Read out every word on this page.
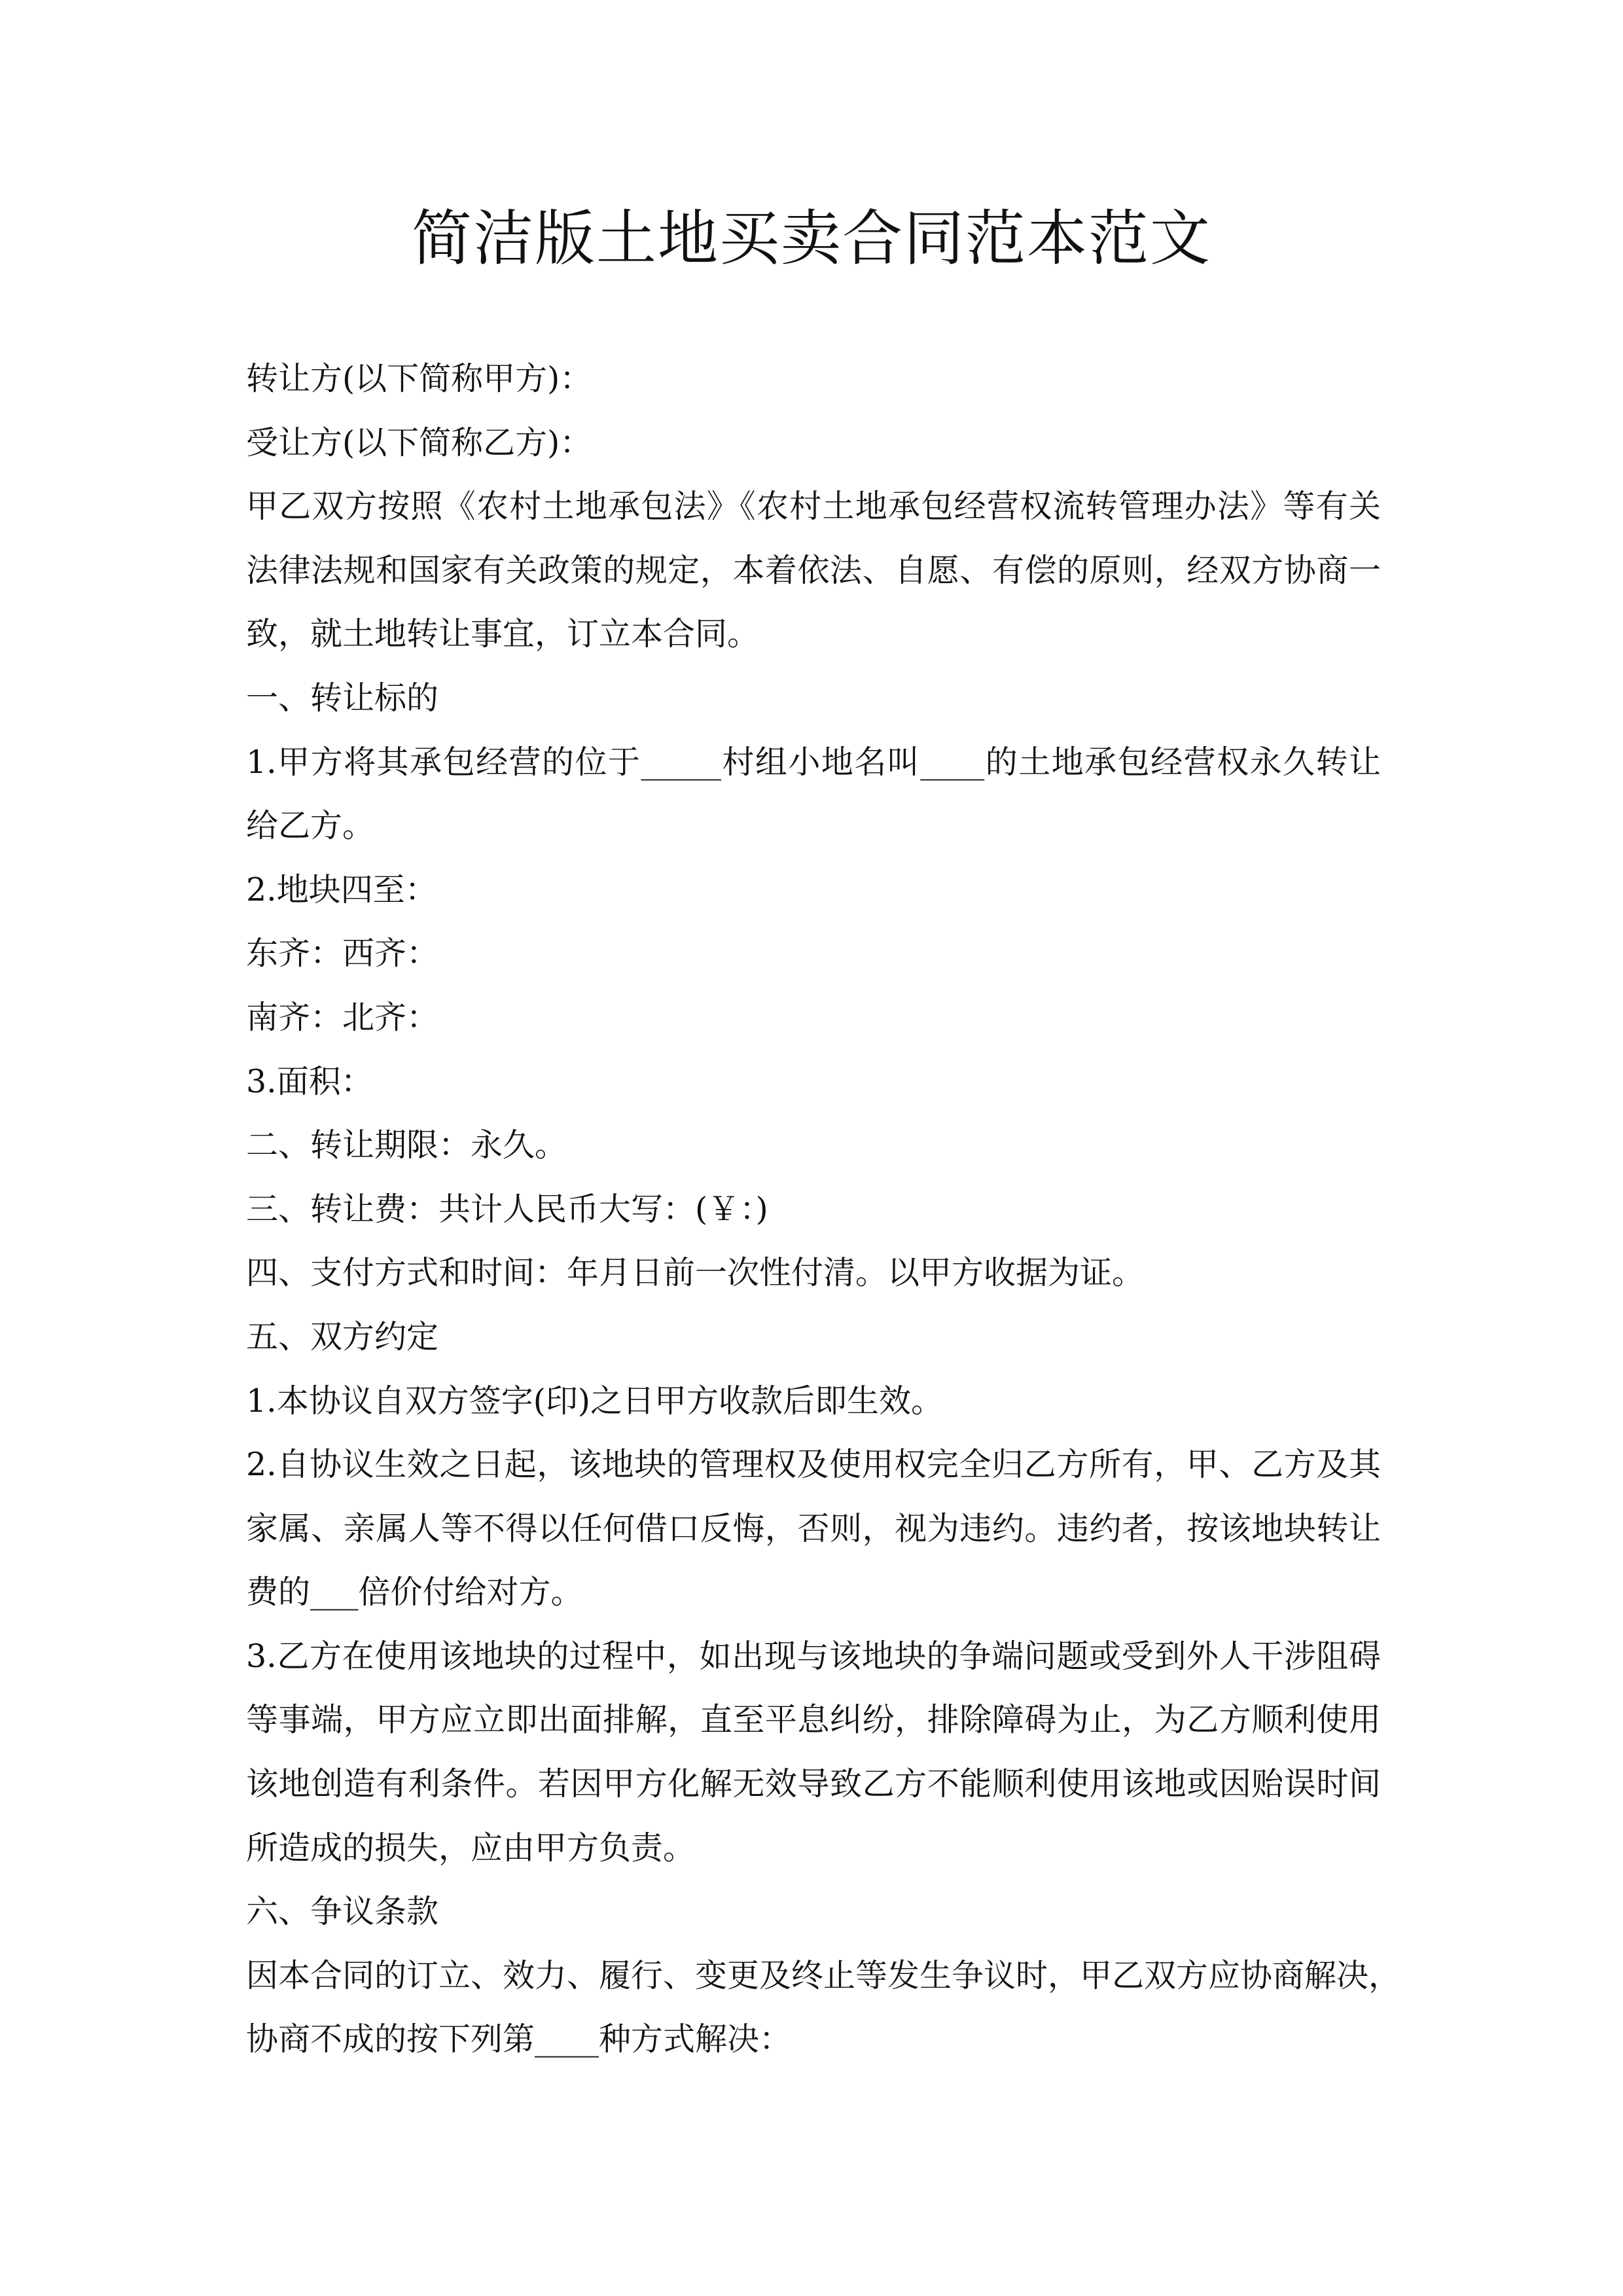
简洁版土地买卖合同范本范文
转让方(以下简称甲方)：
受让方(以下简称乙方)：
甲乙双方按照《农村土地承包法》《农村土地承包经营权流转管理办法》等有关
法律法规和国家有关政策的规定，本着依法、自愿、有偿的原则，经双方协商一
致，就土地转让事宜，订立本合同。
一、转让标的
1.甲方将其承包经营的位于_____村组小地名叫____的土地承包经营权永久转让
给乙方。
2.地块四至：
东齐：西齐：
南齐：北齐：
3.面积：
二、转让期限：永久。
三、转让费：共计人民币大写：(￥：)
四、支付方式和时间：年月日前一次性付清。以甲方收据为证。
五、双方约定
1.本协议自双方签字(印)之日甲方收款后即生效。
2.自协议生效之日起，该地块的管理权及使用权完全归乙方所有，甲、乙方及其
家属、亲属人等不得以任何借口反悔，否则，视为违约。违约者，按该地块转让
费的___倍价付给对方。
3.乙方在使用该地块的过程中，如出现与该地块的争端问题或受到外人干涉阻碍
等事端，甲方应立即出面排解，直至平息纠纷，排除障碍为止，为乙方顺利使用
该地创造有利条件。若因甲方化解无效导致乙方不能顺利使用该地或因贻误时间
所造成的损失，应由甲方负责。
六、争议条款
因本合同的订立、效力、履行、变更及终止等发生争议时，甲乙双方应协商解决，
协商不成的按下列第____种方式解决：
